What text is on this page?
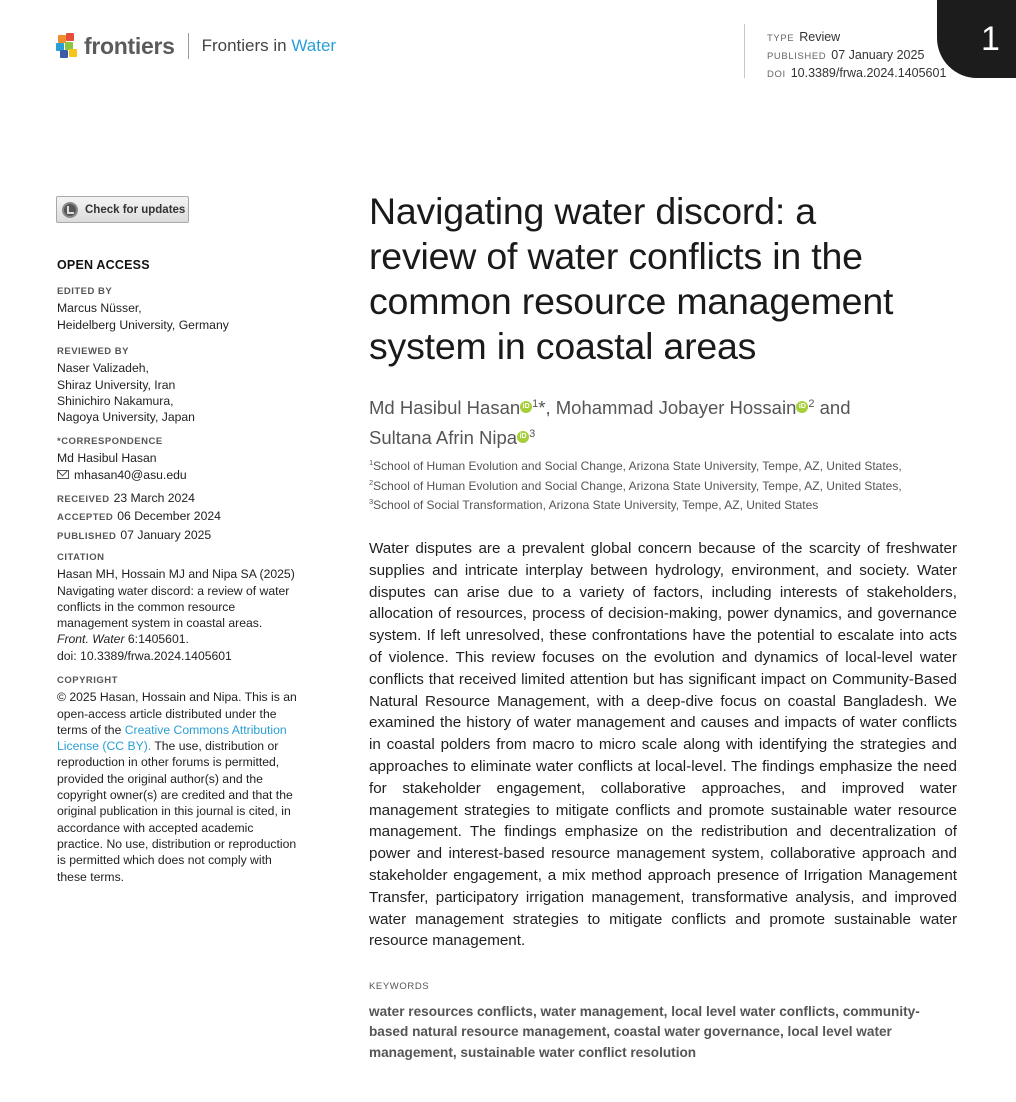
frontiers Frontiers in Water	TYPE Review
PUBLISHED 07 January 2025
DOI 10.3389/frwa.2024.1405601
1
Check for updates
OPEN ACCESS
EDITED BY
Marcus Nüsser,
Heidelberg University, Germany
REVIEWED BY
Naser Valizadeh,
Shiraz University, Iran
Shinichiro Nakamura,
Nagoya University, Japan
*CORRESPONDENCE
Md Hasibul Hasan
mhasan40@asu.edu
RECEIVED 23 March 2024
ACCEPTED 06 December 2024
PUBLISHED 07 January 2025
CITATION
Hasan MH, Hossain MJ and Nipa SA (2025)
Navigating water discord: a review of water
conflicts in the common resource
management system in coastal areas.
Front. Water 6:1405601.
doi: 10.3389/frwa.2024.1405601
COPYRIGHT
© 2025 Hasan, Hossain and Nipa. This is an
open-access article distributed under the
terms of the Creative Commons Attribution
License (CC BY). The use, distribution or
reproduction in other forums is permitted,
provided the original author(s) and the
copyright owner(s) are credited and that the
original publication in this journal is cited, in
accordance with accepted academic
practice. No use, distribution or reproduction
is permitted which does not comply with
these terms.
Navigating water discord: a
review of water conflicts in the
common resource management
system in coastal areas
Md Hasibul Hasan iD $^1$*, Mohammad Jobayer Hossain iD $^2$ and
Sultana Afrin Nipa iD $^3$
$^1$School of Human Evolution and Social Change, Arizona State University, Tempe, AZ, United States,
$^2$School of Human Evolution and Social Change, Arizona State University, Tempe, AZ, United States,
$^3$School of Social Transformation, Arizona State University, Tempe, AZ, United States
Water disputes are a prevalent global concern because of the scarcity of freshwater supplies and intricate interplay between hydrology, environment, and society. Water disputes can arise due to a variety of factors, including interests of stakeholders, allocation of resources, process of decision-making, power dynamics, and governance system. If left unresolved, these confrontations have the potential to escalate into acts of violence. This review focuses on the evolution and dynamics of local-level water conflicts that received limited attention but has significant impact on Community-Based Natural Resource Management, with a deep-dive focus on coastal Bangladesh. We examined the history of water management and causes and impacts of water conflicts in coastal polders from macro to micro scale along with identifying the strategies and approaches to eliminate water conflicts at local-level. The findings emphasize the need for stakeholder engagement, collaborative approaches, and improved water management strategies to mitigate conflicts and promote sustainable water resource management. The findings emphasize on the redistribution and decentralization of power and interest-based resource management system, collaborative approach and stakeholder engagement, a mix method approach presence of Irrigation Management Transfer, participatory irrigation management, transformative analysis, and improved water management strategies to mitigate conflicts and promote sustainable water resource management.
KEYWORDS
water resources conflicts, water management, local level water conflicts, community-based natural resource management, coastal water governance, local level water management, sustainable water conflict resolution
